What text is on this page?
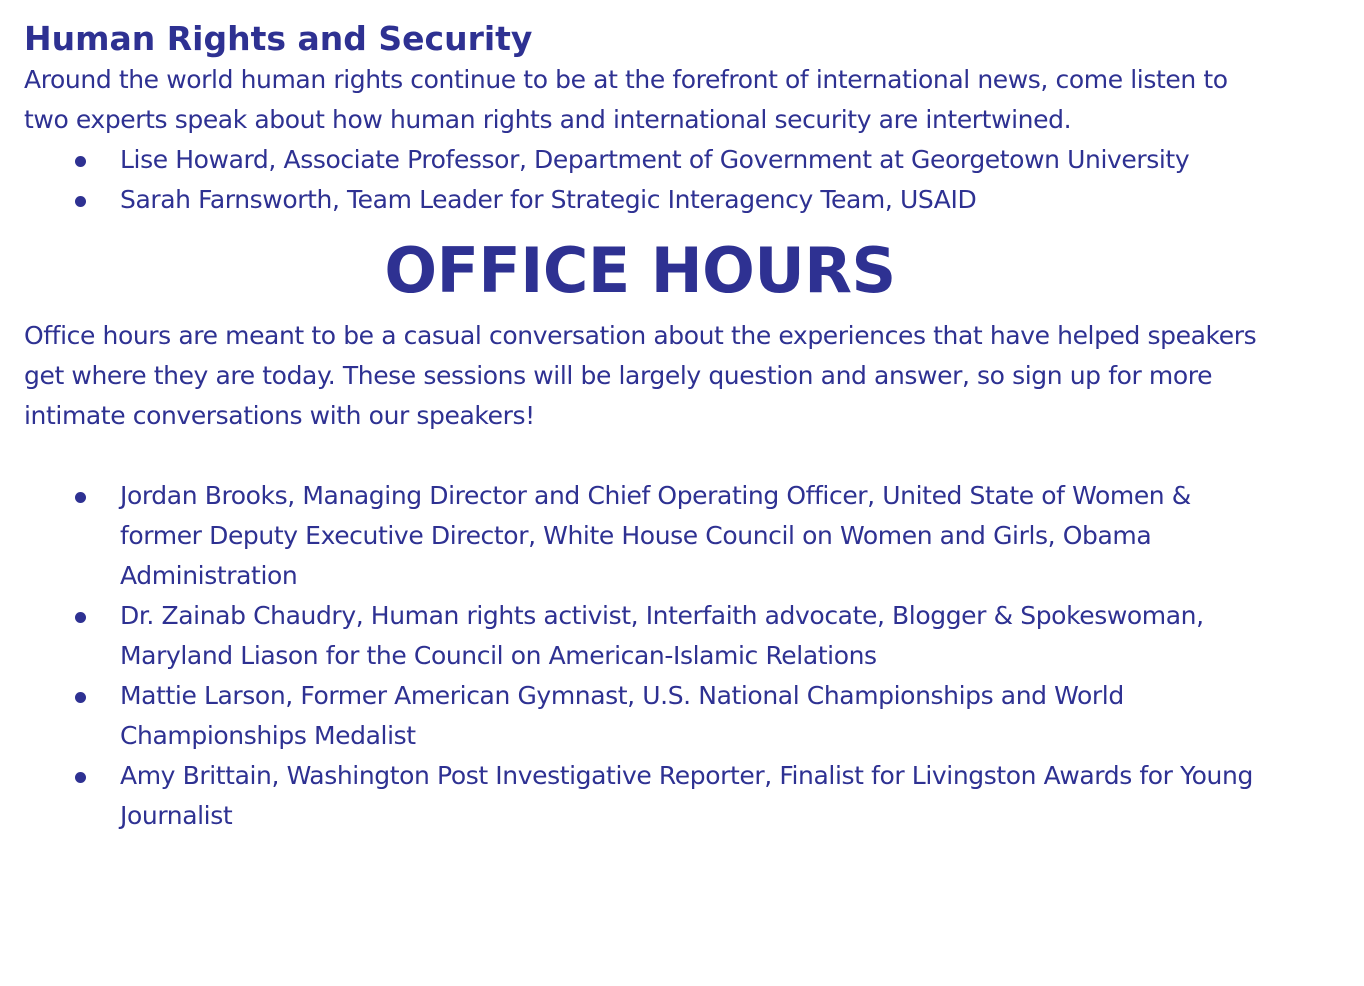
Human Rights and Security

Around the world human rights continue to be at the forefront of international news, come listen to two experts speak about how human rights and international security are intertwined.

Lise Howard, Associate Professor, Department of Government at Georgetown University
Sarah Farnsworth, Team Leader for Strategic Interagency Team, USAID
OFFICE HOURS

Office hours are meant to be a casual conversation about the experiences that have helped speakers get where they are today. These sessions will be largely question and answer, so sign up for more intimate conversations with our speakers!

Jordan Brooks, Managing Director and Chief Operating Officer, United State of Women & former Deputy Executive Director, White House Council on Women and Girls, Obama Administration
Dr. Zainab Chaudry, Human rights activist, Interfaith advocate, Blogger & Spokeswoman, Maryland Liason for the Council on American-Islamic Relations
Mattie Larson, Former American Gymnast, U.S. National Championships and World Championships Medalist
Amy Brittain, Washington Post Investigative Reporter, Finalist for Livingston Awards for Young Journalist
